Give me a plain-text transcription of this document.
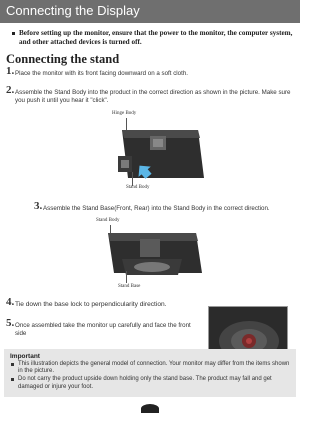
Connecting the Display
Before setting up the monitor, ensure that the power to the monitor, the computer system, and other attached devices is turned off.
Connecting the stand
1. Place the monitor with its front facing downward on a soft cloth.
2. Assemble the Stand Body into the product in the correct direction as shown in the picture. Make sure you push it until you hear it "click".
Hinge Body
Stand Body
3. Assemble the Stand Base(Front, Rear) into the Stand Body in the correct direction.
Stand Body
Stand Base
4. Tie down the base lock to perpendicularity direction.
5. Once assembled take the monitor up carefully and face the front side
Important
This illustration depicts the general model of connection. Your monitor may differ from the items shown in the picture.
Do not carry the product upside down holding only the stand base. The product may fall and get damaged or injure your foot.
